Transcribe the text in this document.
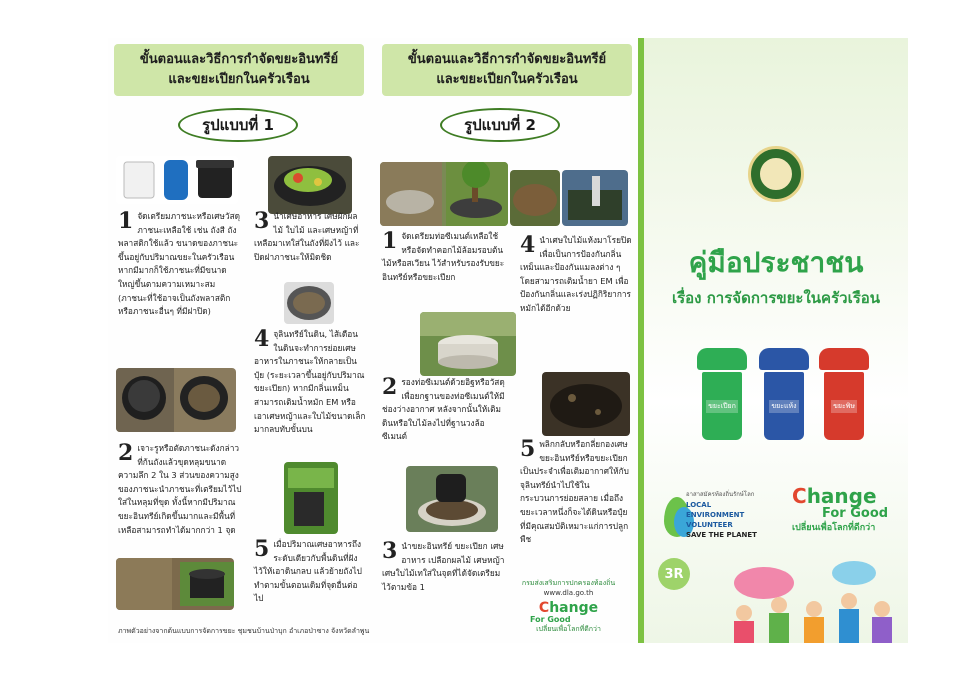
ขั้นตอนและวิธีการกำจัดขยะอินทรีย์
และขยะเปียกในครัวเรือน
รูปแบบที่ 1
1 จัดเตรียมภาชนะหรือเศษวัสดุภาชนะเหลือใช้ เช่น ถังสี ถังพลาสติกใช้แล้ว ขนาดของภาชนะขึ้นอยู่กับปริมาณขยะในครัวเรือน หากมีมากก็ใช้ภาชนะที่มีขนาดใหญ่ขึ้นตามความเหมาะสม (ภาชนะที่ใช้อาจเป็นถังพลาสติกหรือภาชนะอื่นๆ ที่มีฝาปิด)
2 เจาะรูหรือตัดภาชนะดังกล่าวที่ก้นถังแล้วขุดหลุมขนาดความลึก 2 ใน 3 ส่วนของความสูงของภาชนะนำภาชนะที่เตรียมไว้ไปใส่ในหลุมที่ขุด ทั้งนี้หากมีปริมาณขยะอินทรีย์เกิดขึ้นมากและมีพื้นที่เหลือสามารถทำได้มากกว่า 1 จุด
3 นำเศษอาหาร เศษผักผลไม้ ใบไม้ และเศษหญ้าที่เหลือมาเทใส่ในถังที่ฝังไว้ และปิดฝาภาชนะให้มิดชิด
4 จุลินทรีย์ในดิน, ไส้เดือนในดินจะทำการย่อยเศษอาหารในภาชนะให้กลายเป็นปุ๋ย (ระยะเวลาขึ้นอยู่กับปริมาณขยะเปียก) หากมีกลิ่นเหม็นสามารถเติมน้ำหมัก EM หรือเอาเศษหญ้าและใบไม้ขนาดเล็กมากลบทับขั้นบน
5 เมื่อปริมาณเศษอาหารถึงระดับเดียวกับพื้นดินที่ฝังไว้ให้เอาดินกลบ แล้วย้ายถังไปทำตามขั้นตอนเดิมที่จุดอื่นต่อไป
ภาพตัวอย่างจากต้นแบบการจัดการขยะ ชุมชนบ้านป่าบุก อำเภอป่าซาง จังหวัดลำพูน
ขั้นตอนและวิธีการกำจัดขยะอินทรีย์
และขยะเปียกในครัวเรือน
รูปแบบที่ 2
1 จัดเตรียมท่อซีเมนต์เหลือใช้หรือจัดทำคอกไม้ล้อมรอบต้นไม้หรือสเวียน ไว้สำหรับรองรับขยะอินทรีย์หรือขยะเปียก
2 รองท่อซีเมนต์ด้วยอิฐหรือวัสดุเพื่อยกฐานของท่อซีเมนต์ให้มีช่องว่างอากาศ หลังจากนั้นให้เติมดินหรือใบไม้ลงไปที่ฐานวงล้อซีเมนต์
3 นำขยะอินทรีย์ ขยะเปียก เศษอาหาร เปลือกผลไม้ เศษหญ้า เศษใบไม้เทใส่ในจุดที่ได้จัดเตรียมไว้ตามข้อ 1
4 นำเศษใบไม้แห้งมาโรยปิด เพื่อเป็นการป้องกันกลิ่นเหม็นและป้องกันแมลงต่าง ๆ โดยสามารถเติมน้ำยา EM เพื่อป้องกันกลิ่นและเร่งปฏิกิริยาการหมักได้อีกด้วย
5 พลิกกลับหรือกลี่ยกองเศษขยะอินทรีย์หรือขยะเปียกเป็นประจำเพื่อเติมอากาศให้กับจุลินทรีย์นำไปใช้ในกระบวนการย่อยสลาย เมื่อถึงขยะเวลาหนึ่งก็จะได้ดินหรือปุ๋ยที่มีคุณสมบัติเหมาะแก่การปลูกพืช
กรมส่งเสริมการปกครองท้องถิ่น
www.dla.go.th
Change
For Good
เปลี่ยนเพื่อโลกที่ดีกว่า
คู่มือประชาชน
เรื่อง การจัดการขยะในครัวเรือน
ขยะเปียก	ขยะแห้ง	ขยะพิษ
อาสาสมัครท้องถิ่นรักษ์โลก
LOCAL
ENVIRONMENT
VOLUNTEER
SAVE THE PLANET
Change
For Good
เปลี่ยนเพื่อโลกที่ดีกว่า
3R
